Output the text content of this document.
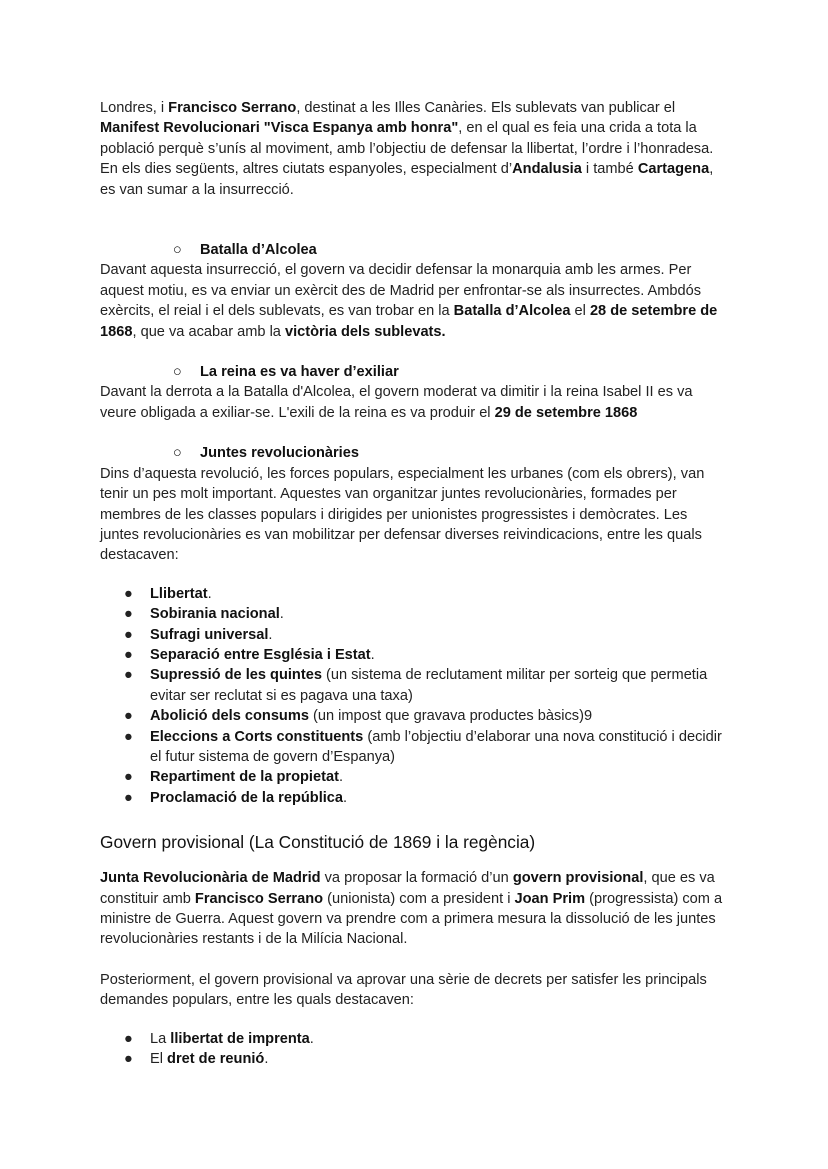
Londres, i Francisco Serrano, destinat a les Illes Canàries. Els sublevats van publicar el Manifest Revolucionari "Visca Espanya amb honra", en el qual es feia una crida a tota la població perquè s’unís al moviment, amb l’objectiu de defensar la llibertat, l’ordre i l’honradesa. En els dies següents, altres ciutats espanyoles, especialment d’Andalusia i també Cartagena, es van sumar a la insurrecció.

○ Batalla d’Alcolea

Davant aquesta insurrecció, el govern va decidir defensar la monarquia amb les armes. Per aquest motiu, es va enviar un exèrcit des de Madrid per enfrontar-se als insurrectes. Ambdós exèrcits, el reial i el dels sublevats, es van trobar en la Batalla d’Alcolea el 28 de setembre de 1868, que va acabar amb la victòria dels sublevats.

○ La reina es va haver d’exiliar

Davant la derrota a la Batalla d'Alcolea, el govern moderat va dimitir i la reina Isabel II es va veure obligada a exiliar-se. L'exili de la reina es va produir el 29 de setembre 1868

○ Juntes revolucionàries

Dins d’aquesta revolució, les forces populars, especialment les urbanes (com els obrers), van tenir un pes molt important. Aquestes van organitzar juntes revolucionàries, formades per membres de les classes populars i dirigides per unionistes progressistes i demòcrates. Les juntes revolucionàries es van mobilitzar per defensar diverses reivindicacions, entre les quals destacaven:

● Llibertat.
● Sobirania nacional.
● Sufragi universal.
● Separació entre Església i Estat.
● Supressió de les quintes (un sistema de reclutament militar per sorteig que permetia evitar ser reclutat si es pagava una taxa)
● Abolició dels consums (un impost que gravava productes bàsics)9
● Eleccions a Corts constituents (amb l’objectiu d’elaborar una nova constitució i decidir el futur sistema de govern d’Espanya)
● Repartiment de la propietat.
● Proclamació de la república.
Govern provisional (La Constitució de 1869 i la regència)

Junta Revolucionària de Madrid va proposar la formació d’un govern provisional, que es va constituir amb Francisco Serrano (unionista) com a president i Joan Prim (progressista) com a ministre de Guerra. Aquest govern va prendre com a primera mesura la dissolució de les juntes revolucionàries restants i de la Milícia Nacional.

Posteriorment, el govern provisional va aprovar una sèrie de decrets per satisfer les principals demandes populars, entre les quals destacaven:

● La llibertat de imprenta.
● El dret de reunió.
